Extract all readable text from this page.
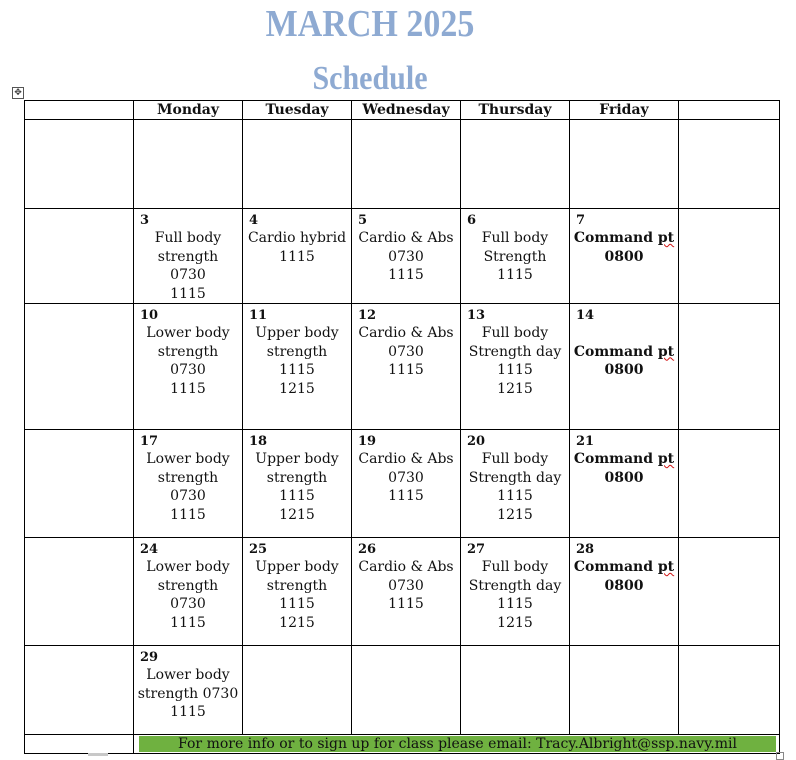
MARCH 2025
Schedule
✥
	Monday	Tuesday	Wednesday	Thursday	Friday	

	3
Full body
strength
0730
1115	4
Cardio hybrid
1115	5
Cardio & Abs
0730
1115	6
Full body
Strength
1115	7
Command pt
0800	

	10
Lower body
strength
0730
1115	11
Upper body
strength
1115
1215	12
Cardio & Abs
0730
1115	13
Full body
Strength day
1115
1215	14

Command pt
0800	

	17
Lower body
strength
0730
1115	18
Upper body
strength
1115
1215	19
Cardio & Abs
0730
1115	20
Full body
Strength day
1115
1215	21
Command pt
0800	

	24
Lower body
strength
0730
1115	25
Upper body
strength
1115
1215	26
Cardio & Abs
0730
1115	27
Full body
Strength day
1115
1215	28
Command pt
0800	

	29
Lower body
strength 0730
1115					

	For more info or to sign up for class please email: Tracy.Albright@ssp.navy.mil					
